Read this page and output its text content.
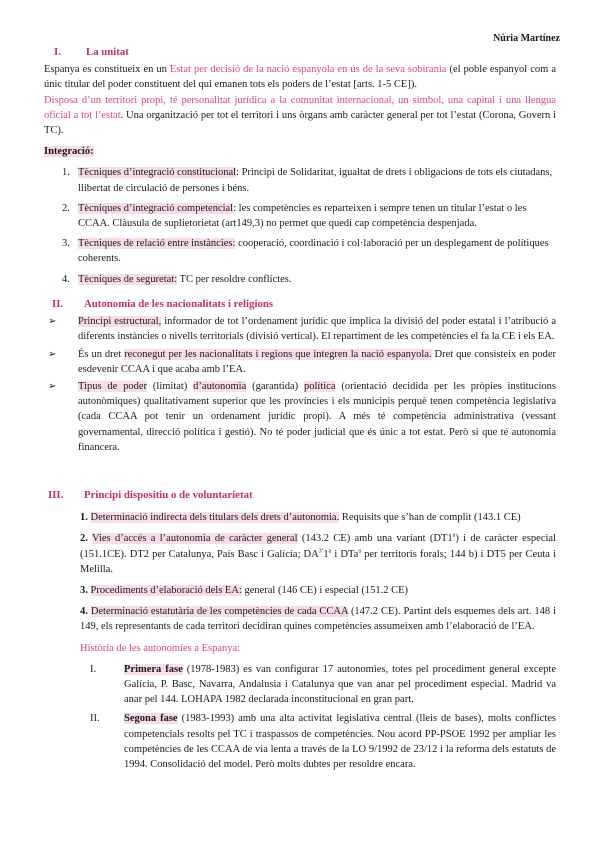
Núria Martínez
I. La unitat
Espanya es constitueix en un Estat per decisió de la nació espanyola en ús de la seva sobirania (el poble espanyol com a únic titular del poder constituent del qui emanen tots els poders de l’estat [arts. 1-5 CE]).
Disposa d’un territori propi, té personalitat jurídica a la comunitat internacional, un símbol, una capital i una llengua oficial a tot l’estat. Una organització per tot el territori i uns òrgans amb caràcter general per tot l’estat (Corona, Govern i TC).
Integració:
1. Tècniques d’integració constitucional: Principi de Solidaritat, igualtat de drets i obligacions de tots els ciutadans, llibertat de circulació de persones i béns.
2. Tècniques d’integració competencial: les competències es reparteixen i sempre tenen un titular l’estat o les CCAA. Clàusula de suplietorietat (art149,3) no permet que quedi cap competència despenjada.
3. Tècniques de relació entre instàncies: cooperació, coordinació i col·laboració per un desplegament de polítiques coherents.
4. Tècniques de seguretat: TC per resoldre conflictes.
II. Autonomia de les nacionalitats i religions
➢ Principi estructural, informador de tot l’ordenament jurídic que implica la divisió del poder estatal i l’atribució a diferents instàncies o nivells territorials (divisió vertical). El repartiment de les competències el fa la CE i els EA.
➢ És un dret reconegut per les nacionalitats i regions que integren la nació espanyola. Dret que consisteix en poder esdevenir CCAA i que acaba amb l’EA.
➢ Tipus de poder (limitat) d’autonomia (garantida) política (orientació decidida per les pròpies institucions autonòmiques) qualitativament superior que les províncies i els municipis perquè tenen competència legislativa (cada CCAA pot tenir un ordenament jurídic propi). A més té competència administrativa (vessant governamental, direcció política i gestió). No té poder judicial que és únic a tot estat. Però sí que té autonomia financera.
III. Principi dispositiu o de voluntarietat
1. Determinació indirecta dels titulars dels drets d’autonomia. Requisits que s’han de complit (143.1 CE)
2. Vies d’accés a l’autonomia de caràcter general (143.2 CE) amb una variant (DT1$^a$) i de caràcter especial (151.1CE). DT2 per Catalunya, País Basc i Galícia; $DA^{3ª}1^a$ i DTa$^a$ per territoris forals; 144 b) i DT5 per Ceuta i Melilla.
3. Procediments d’elaboració dels EA: general (146 CE) i especial (151.2 CE)
4. Determinació estatutària de les competències de cada CCAA (147.2 CE). Partint dels esquemes dels art. 148 i 149, els representants de cada territori decidiran quines competències assumeixen amb l’elaboració de l’EA.
Història de les autonomies a Espanya:
I.	Primera fase (1978-1983) es van configurar 17 autonomies, totes pel procediment general excepte Galícia, P. Basc, Navarra, Andalusia i Catalunya que van anar pel procediment especial. Madrid va anar pel 144. LOHAPA 1982 declarada inconstitucional en gran part.
II. Segona fase (1983-1993) amb una alta activitat legislativa central (lleis de bases), molts conflictes competencials resolts pel TC i traspassos de competències. Nou acord PP-PSOE 1992 per ampliar les competències de les CCAA de via lenta a través de la LO 9/1992 de 23/12 i la reforma dels estatuts de 1994. Consolidació del model. Però molts dubtes per resoldre encara.
